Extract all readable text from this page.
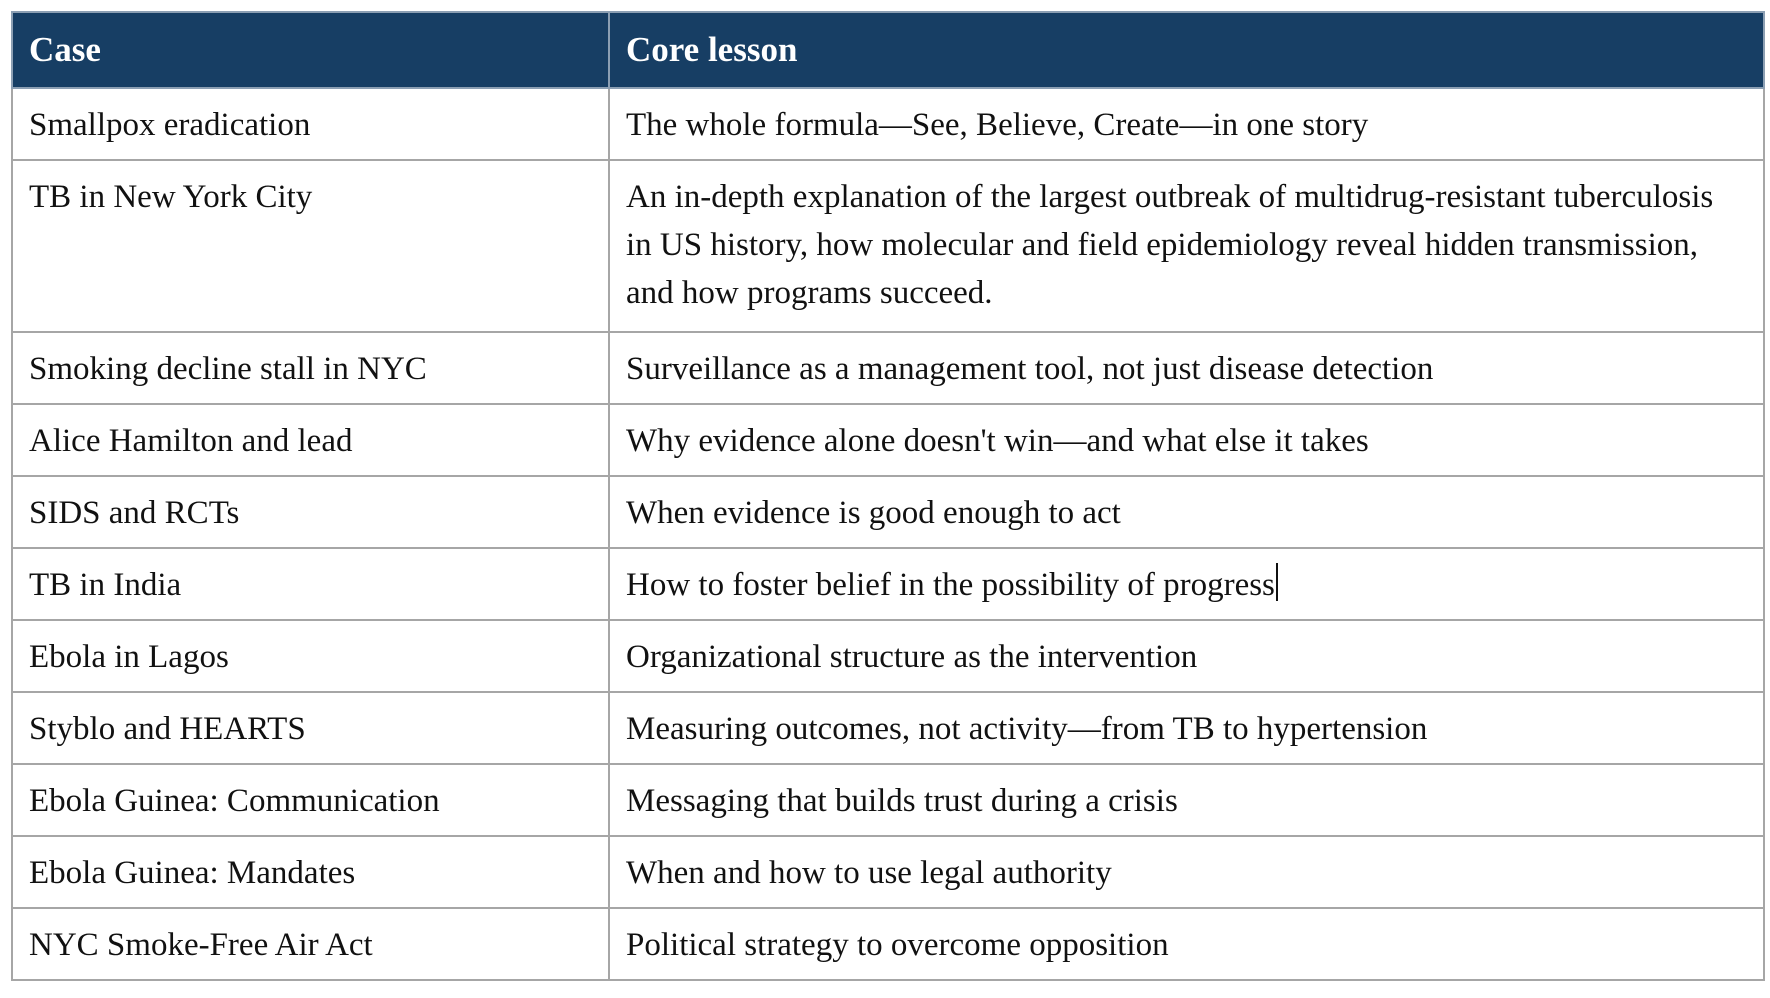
Case	Core lesson
Smallpox eradication	The whole formula—See, Believe, Create—in one story
TB in New York City	An in-depth explanation of the largest outbreak of multidrug-resistant tuberculosis in US history, how molecular and field epidemiology reveal hidden transmission, and how programs succeed.
Smoking decline stall in NYC	Surveillance as a management tool, not just disease detection
Alice Hamilton and lead	Why evidence alone doesn't win—and what else it takes
SIDS and RCTs	When evidence is good enough to act
TB in India	How to foster belief in the possibility of progress
Ebola in Lagos	Organizational structure as the intervention
Styblo and HEARTS	Measuring outcomes, not activity—from TB to hypertension
Ebola Guinea: Communication	Messaging that builds trust during a crisis
Ebola Guinea: Mandates	When and how to use legal authority
NYC Smoke-Free Air Act	Political strategy to overcome opposition
